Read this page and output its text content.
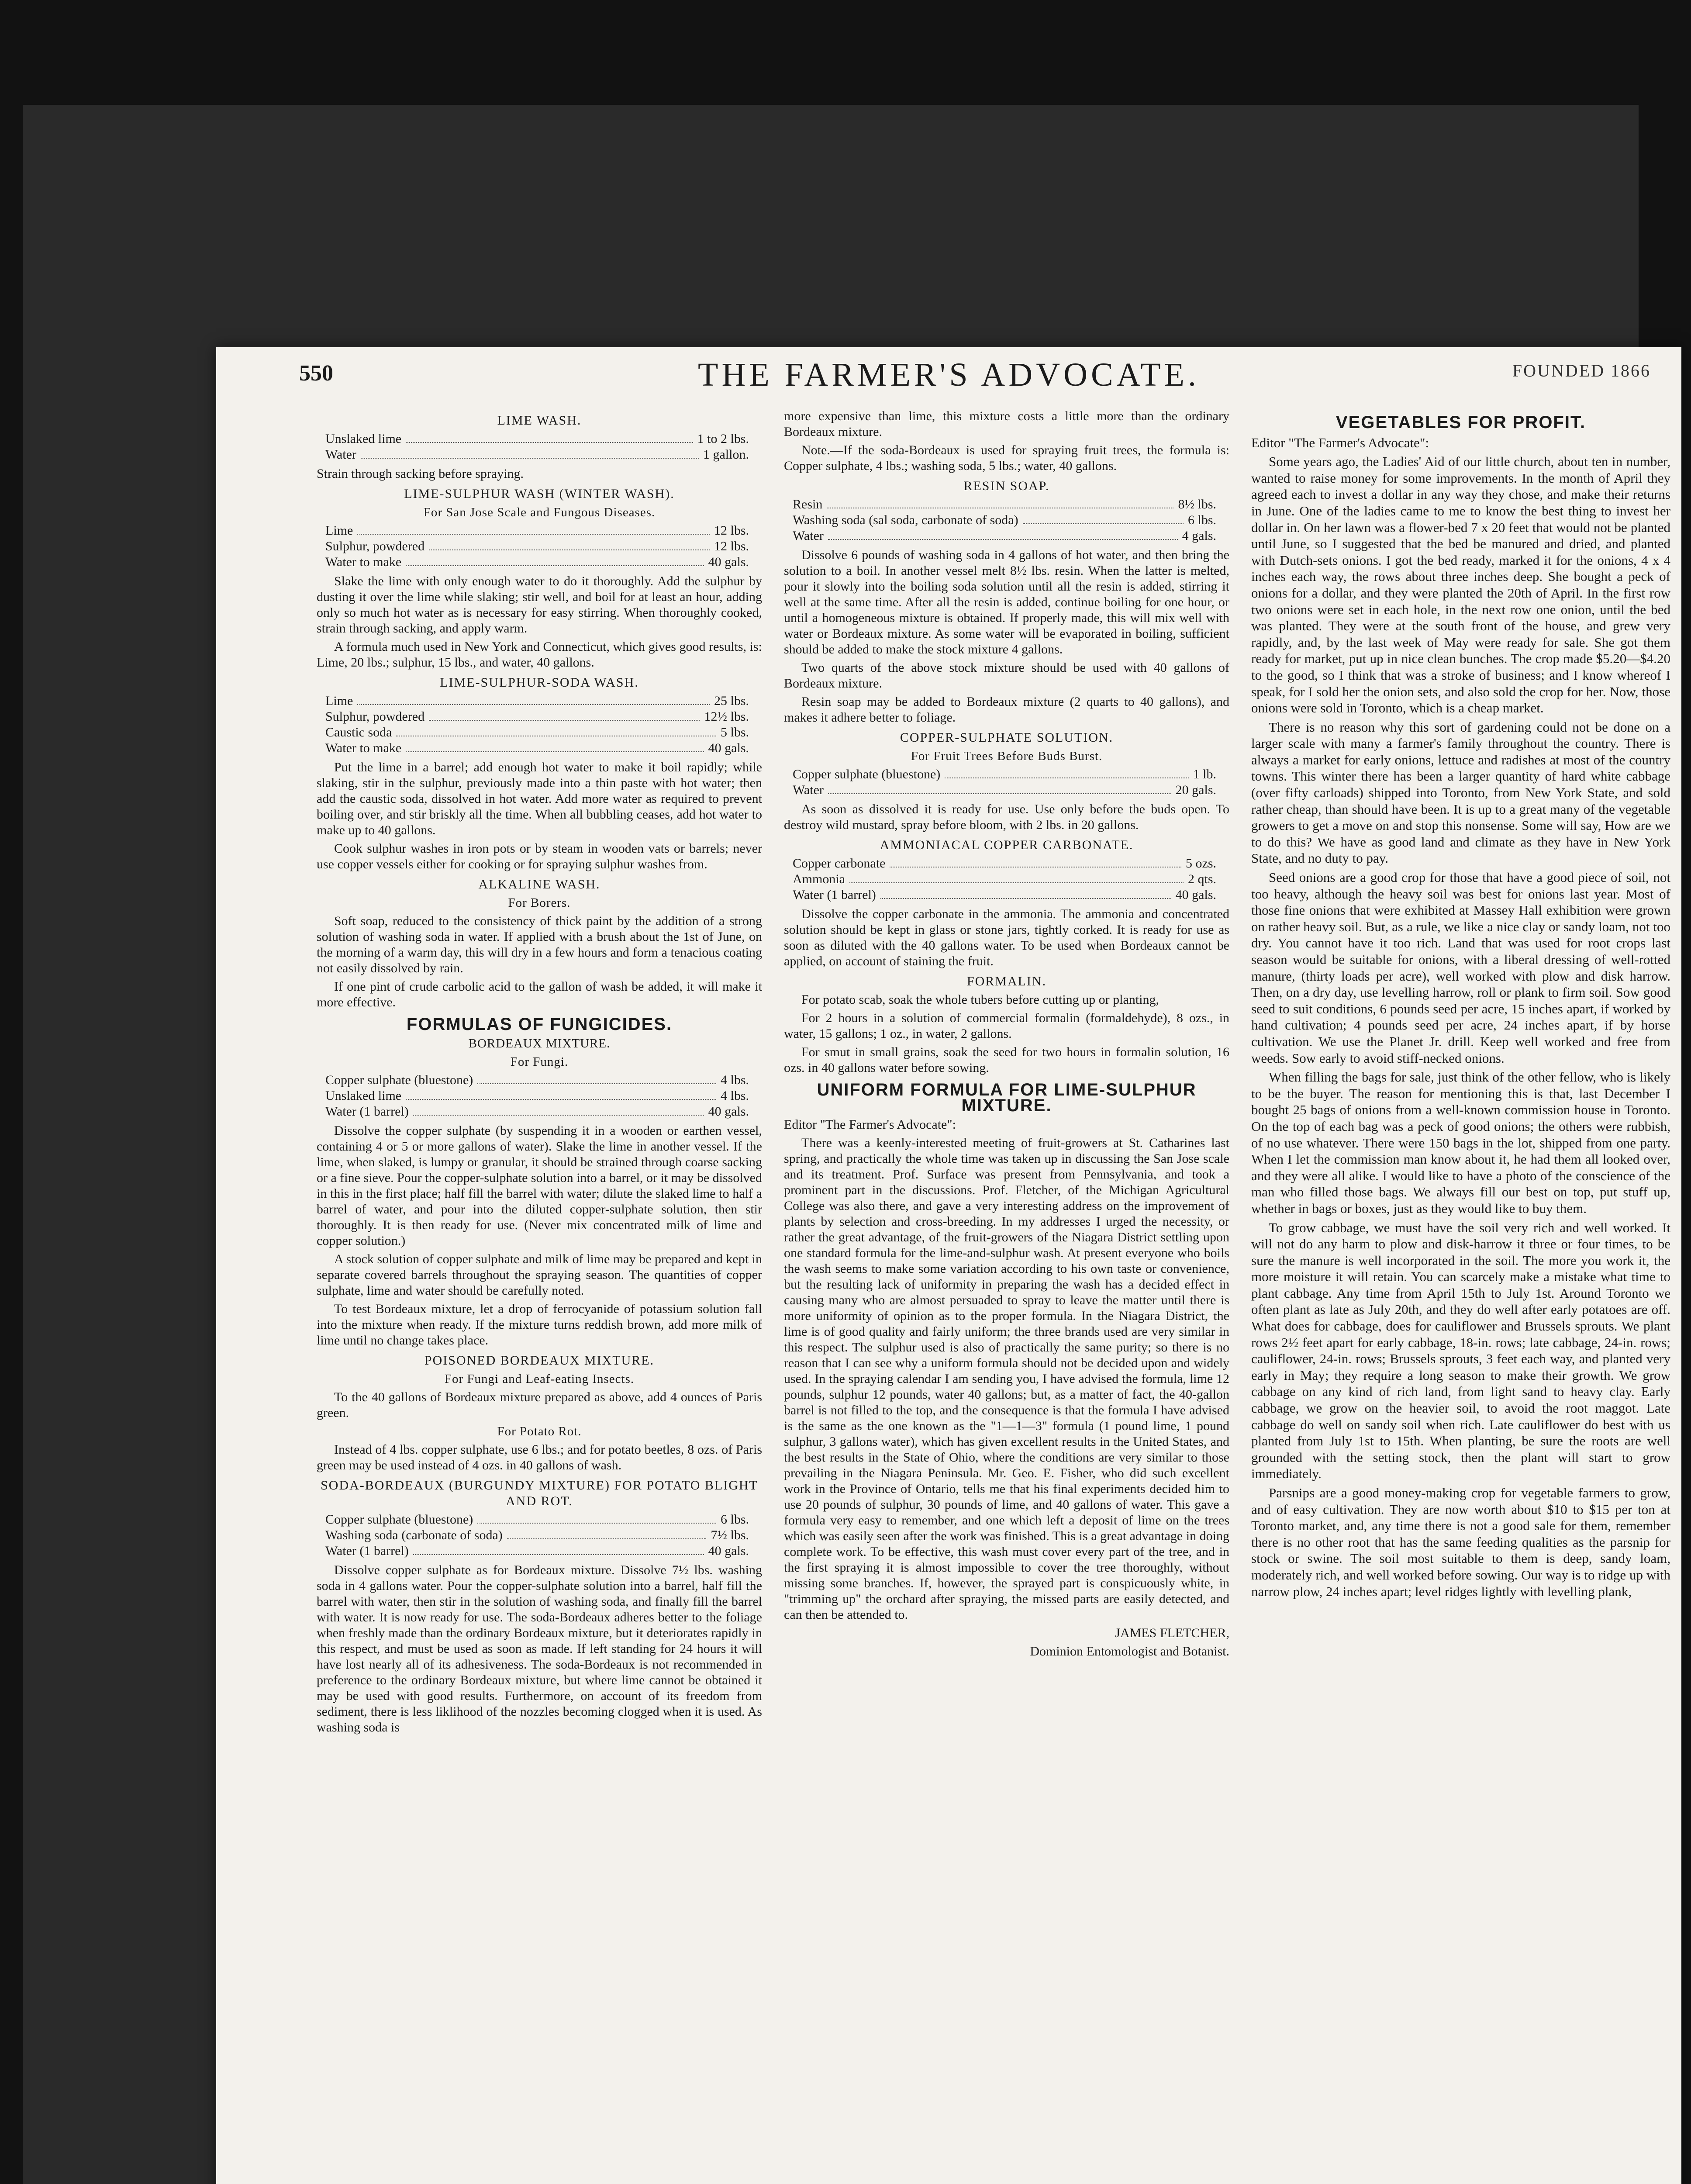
550	THE FARMER'S ADVOCATE.	FOUNDED 1866
LIME WASH.
Unslaked lime	1 to 2 lbs.
Water	1 gallon.

Strain through sacking before spraying.

LIME-SULPHUR WASH (WINTER WASH).
For San Jose Scale and Fungous Diseases.
Lime	12 lbs.
Sulphur, powdered	12 lbs.
Water to make	40 gals.

Slake the lime with only enough water to do it thoroughly. Add the sulphur by dusting it over the lime while slaking; stir well, and boil for at least an hour, adding only so much hot water as is necessary for easy stirring. When thoroughly cooked, strain through sacking, and apply warm.

A formula much used in New York and Connecticut, which gives good results, is: Lime, 20 lbs.; sulphur, 15 lbs., and water, 40 gallons.

LIME-SULPHUR-SODA WASH.
Lime	25 lbs.
Sulphur, powdered	12½ lbs.
Caustic soda	5 lbs.
Water to make	40 gals.

Put the lime in a barrel; add enough hot water to make it boil rapidly; while slaking, stir in the sulphur, previously made into a thin paste with hot water; then add the caustic soda, dissolved in hot water. Add more water as required to prevent boiling over, and stir briskly all the time. When all bubbling ceases, add hot water to make up to 40 gallons.

Cook sulphur washes in iron pots or by steam in wooden vats or barrels; never use copper vessels either for cooking or for spraying sulphur washes from.

ALKALINE WASH.
For Borers.

Soft soap, reduced to the consistency of thick paint by the addition of a strong solution of washing soda in water. If applied with a brush about the 1st of June, on the morning of a warm day, this will dry in a few hours and form a tenacious coating not easily dissolved by rain.

If one pint of crude carbolic acid to the gallon of wash be added, it will make it more effective.

FORMULAS OF FUNGICIDES.
BORDEAUX MIXTURE.
For Fungi.
Copper sulphate (bluestone)	4 lbs.
Unslaked lime	4 lbs.
Water (1 barrel)	40 gals.

Dissolve the copper sulphate (by suspending it in a wooden or earthen vessel, containing 4 or 5 or more gallons of water). Slake the lime in another vessel. If the lime, when slaked, is lumpy or granular, it should be strained through coarse sacking or a fine sieve. Pour the copper-sulphate solution into a barrel, or it may be dissolved in this in the first place; half fill the barrel with water; dilute the slaked lime to half a barrel of water, and pour into the diluted copper-sulphate solution, then stir thoroughly. It is then ready for use. (Never mix concentrated milk of lime and copper solution.)

A stock solution of copper sulphate and milk of lime may be prepared and kept in separate covered barrels throughout the spraying season. The quantities of copper sulphate, lime and water should be carefully noted.

To test Bordeaux mixture, let a drop of ferrocyanide of potassium solution fall into the mixture when ready. If the mixture turns reddish brown, add more milk of lime until no change takes place.

POISONED BORDEAUX MIXTURE.
For Fungi and Leaf-eating Insects.

To the 40 gallons of Bordeaux mixture prepared as above, add 4 ounces of Paris green.

For Potato Rot.

Instead of 4 lbs. copper sulphate, use 6 lbs.; and for potato beetles, 8 ozs. of Paris green may be used instead of 4 ozs. in 40 gallons of wash.

SODA-BORDEAUX (BURGUNDY MIXTURE) FOR POTATO BLIGHT AND ROT.
Copper sulphate (bluestone)	6 lbs.
Washing soda (carbonate of soda)	7½ lbs.
Water (1 barrel)	40 gals.

Dissolve copper sulphate as for Bordeaux mixture. Dissolve 7½ lbs. washing soda in 4 gallons water. Pour the copper-sulphate solution into a barrel, half fill the barrel with water, then stir in the solution of washing soda, and finally fill the barrel with water. It is now ready for use. The soda-Bordeaux adheres better to the foliage when freshly made than the ordinary Bordeaux mixture, but it deteriorates rapidly in this respect, and must be used as soon as made. If left standing for 24 hours it will have lost nearly all of its adhesiveness. The soda-Bordeaux is not recommended in preference to the ordinary Bordeaux mixture, but where lime cannot be obtained it may be used with good results. Furthermore, on account of its freedom from sediment, there is less liklihood of the nozzles becoming clogged when it is used. As washing soda is

more expensive than lime, this mixture costs a little more than the ordinary Bordeaux mixture.

Note.—If the soda-Bordeaux is used for spraying fruit trees, the formula is: Copper sulphate, 4 lbs.; washing soda, 5 lbs.; water, 40 gallons.

RESIN SOAP.
Resin	8½ lbs.
Washing soda (sal soda, carbonate of soda)	6 lbs.
Water	4 gals.

Dissolve 6 pounds of washing soda in 4 gallons of hot water, and then bring the solution to a boil. In another vessel melt 8½ lbs. resin. When the latter is melted, pour it slowly into the boiling soda solution until all the resin is added, stirring it well at the same time. After all the resin is added, continue boiling for one hour, or until a homogeneous mixture is obtained. If properly made, this will mix well with water or Bordeaux mixture. As some water will be evaporated in boiling, sufficient should be added to make the stock mixture 4 gallons.

Two quarts of the above stock mixture should be used with 40 gallons of Bordeaux mixture.

Resin soap may be added to Bordeaux mixture (2 quarts to 40 gallons), and makes it adhere better to foliage.

COPPER-SULPHATE SOLUTION.
For Fruit Trees Before Buds Burst.
Copper sulphate (bluestone)	1 lb.
Water	20 gals.

As soon as dissolved it is ready for use. Use only before the buds open. To destroy wild mustard, spray before bloom, with 2 lbs. in 20 gallons.

AMMONIACAL COPPER CARBONATE.
Copper carbonate	5 ozs.
Ammonia	2 qts.
Water (1 barrel)	40 gals.

Dissolve the copper carbonate in the ammonia. The ammonia and concentrated solution should be kept in glass or stone jars, tightly corked. It is ready for use as soon as diluted with the 40 gallons water. To be used when Bordeaux cannot be applied, on account of staining the fruit.

FORMALIN.

For potato scab, soak the whole tubers before cutting up or planting,

For 2 hours in a solution of commercial formalin (formaldehyde), 8 ozs., in water, 15 gallons; 1 oz., in water, 2 gallons.

For smut in small grains, soak the seed for two hours in formalin solution, 16 ozs. in 40 gallons water before sowing.

UNIFORM FORMULA FOR LIME-SULPHUR MIXTURE.

Editor "The Farmer's Advocate":

There was a keenly-interested meeting of fruit-growers at St. Catharines last spring, and practically the whole time was taken up in discussing the San Jose scale and its treatment. Prof. Surface was present from Pennsylvania, and took a prominent part in the discussions. Prof. Fletcher, of the Michigan Agricultural College was also there, and gave a very interesting address on the improvement of plants by selection and cross-breeding. In my addresses I urged the necessity, or rather the great advantage, of the fruit-growers of the Niagara District settling upon one standard formula for the lime-and-sulphur wash. At present everyone who boils the wash seems to make some variation according to his own taste or convenience, but the resulting lack of uniformity in preparing the wash has a decided effect in causing many who are almost persuaded to spray to leave the matter until there is more uniformity of opinion as to the proper formula. In the Niagara District, the lime is of good quality and fairly uniform; the three brands used are very similar in this respect. The sulphur used is also of practically the same purity; so there is no reason that I can see why a uniform formula should not be decided upon and widely used. In the spraying calendar I am sending you, I have advised the formula, lime 12 pounds, sulphur 12 pounds, water 40 gallons; but, as a matter of fact, the 40-gallon barrel is not filled to the top, and the consequence is that the formula I have advised is the same as the one known as the "1—1—3" formula (1 pound lime, 1 pound sulphur, 3 gallons water), which has given excellent results in the United States, and the best results in the State of Ohio, where the conditions are very similar to those prevailing in the Niagara Peninsula. Mr. Geo. E. Fisher, who did such excellent work in the Province of Ontario, tells me that his final experiments decided him to use 20 pounds of sulphur, 30 pounds of lime, and 40 gallons of water. This gave a formula very easy to remember, and one which left a deposit of lime on the trees which was easily seen after the work was finished. This is a great advantage in doing complete work. To be effective, this wash must cover every part of the tree, and in the first spraying it is almost impossible to cover the tree thoroughly, without missing some branches. If, however, the sprayed part is conspicuously white, in "trimming up" the orchard after spraying, the missed parts are easily detected, and can then be attended to.

JAMES FLETCHER,

Dominion Entomologist and Botanist.

VEGETABLES FOR PROFIT.

Editor "The Farmer's Advocate":

Some years ago, the Ladies' Aid of our little church, about ten in number, wanted to raise money for some improvements. In the month of April they agreed each to invest a dollar in any way they chose, and make their returns in June. One of the ladies came to me to know the best thing to invest her dollar in. On her lawn was a flower-bed 7 x 20 feet that would not be planted until June, so I suggested that the bed be manured and dried, and planted with Dutch-sets onions. I got the bed ready, marked it for the onions, 4 x 4 inches each way, the rows about three inches deep. She bought a peck of onions for a dollar, and they were planted the 20th of April. In the first row two onions were set in each hole, in the next row one onion, until the bed was planted. They were at the south front of the house, and grew very rapidly, and, by the last week of May were ready for sale. She got them ready for market, put up in nice clean bunches. The crop made $5.20—$4.20 to the good, so I think that was a stroke of business; and I know whereof I speak, for I sold her the onion sets, and also sold the crop for her. Now, those onions were sold in Toronto, which is a cheap market.

There is no reason why this sort of gardening could not be done on a larger scale with many a farmer's family throughout the country. There is always a market for early onions, lettuce and radishes at most of the country towns. This winter there has been a larger quantity of hard white cabbage (over fifty carloads) shipped into Toronto, from New York State, and sold rather cheap, than should have been. It is up to a great many of the vegetable growers to get a move on and stop this nonsense. Some will say, How are we to do this? We have as good land and climate as they have in New York State, and no duty to pay.

Seed onions are a good crop for those that have a good piece of soil, not too heavy, although the heavy soil was best for onions last year. Most of those fine onions that were exhibited at Massey Hall exhibition were grown on rather heavy soil. But, as a rule, we like a nice clay or sandy loam, not too dry. You cannot have it too rich. Land that was used for root crops last season would be suitable for onions, with a liberal dressing of well-rotted manure, (thirty loads per acre), well worked with plow and disk harrow. Then, on a dry day, use levelling harrow, roll or plank to firm soil. Sow good seed to suit conditions, 6 pounds seed per acre, 15 inches apart, if worked by hand cultivation; 4 pounds seed per acre, 24 inches apart, if by horse cultivation. We use the Planet Jr. drill. Keep well worked and free from weeds. Sow early to avoid stiff-necked onions.

When filling the bags for sale, just think of the other fellow, who is likely to be the buyer. The reason for mentioning this is that, last December I bought 25 bags of onions from a well-known commission house in Toronto. On the top of each bag was a peck of good onions; the others were rubbish, of no use whatever. There were 150 bags in the lot, shipped from one party. When I let the commission man know about it, he had them all looked over, and they were all alike. I would like to have a photo of the conscience of the man who filled those bags. We always fill our best on top, put stuff up, whether in bags or boxes, just as they would like to buy them.

To grow cabbage, we must have the soil very rich and well worked. It will not do any harm to plow and disk-harrow it three or four times, to be sure the manure is well incorporated in the soil. The more you work it, the more moisture it will retain. You can scarcely make a mistake what time to plant cabbage. Any time from April 15th to July 1st. Around Toronto we often plant as late as July 20th, and they do well after early potatoes are off. What does for cabbage, does for cauliflower and Brussels sprouts. We plant rows 2½ feet apart for early cabbage, 18-in. rows; late cabbage, 24-in. rows; cauliflower, 24-in. rows; Brussels sprouts, 3 feet each way, and planted very early in May; they require a long season to make their growth. We grow cabbage on any kind of rich land, from light sand to heavy clay. Early cabbage, we grow on the heavier soil, to avoid the root maggot. Late cabbage do well on sandy soil when rich. Late cauliflower do best with us planted from July 1st to 15th. When planting, be sure the roots are well grounded with the setting stock, then the plant will start to grow immediately.

Parsnips are a good money-making crop for vegetable farmers to grow, and of easy cultivation. They are now worth about $10 to $15 per ton at Toronto market, and, any time there is not a good sale for them, remember there is no other root that has the same feeding qualities as the parsnip for stock or swine. The soil most suitable to them is deep, sandy loam, moderately rich, and well worked before sowing. Our way is to ridge up with narrow plow, 24 inches apart; level ridges lightly with levelling plank,
